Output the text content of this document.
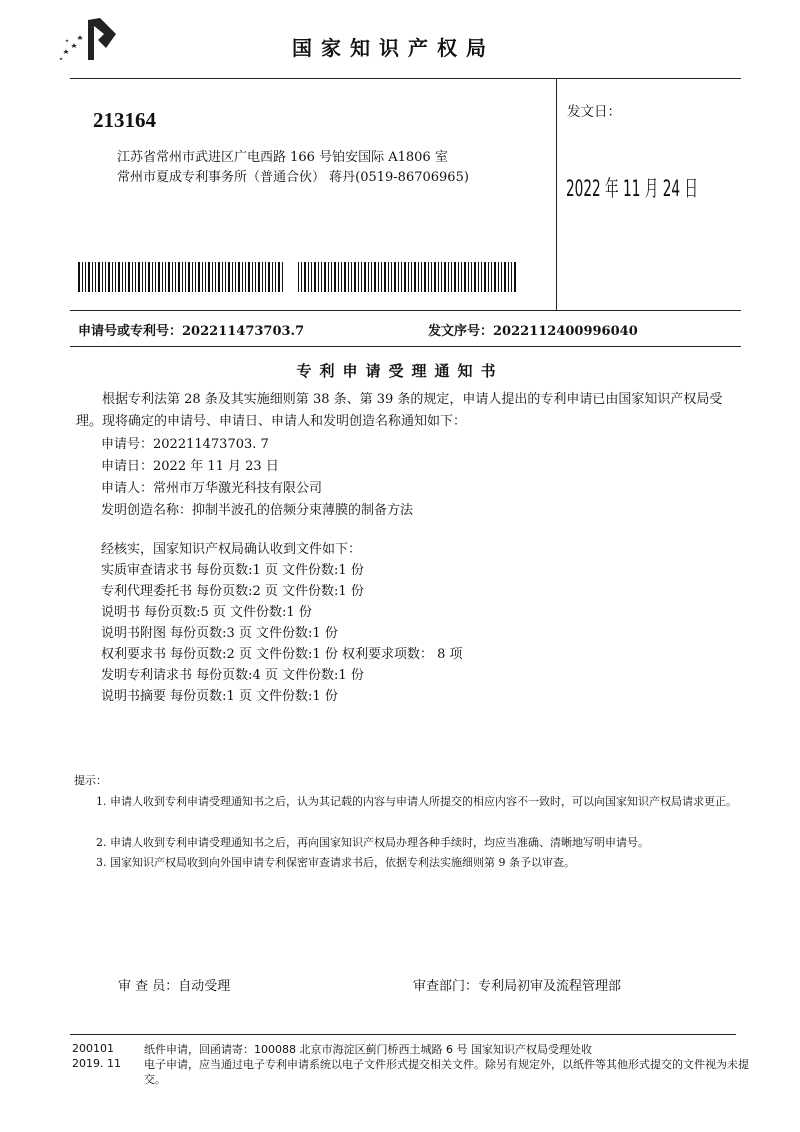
国家知识产权局
213164
江苏省常州市武进区广电西路 166 号铂安国际 A1806 室
常州市夏成专利事务所（普通合伙） 蒋丹(0519-86706965)
发文日：
2022 年 11 月 24 日
申请号或专利号：202211473703.7	发文序号：2022112400996040
专利申请受理通知书
根据专利法第 28 条及其实施细则第 38 条、第 39 条的规定，申请人提出的专利申请已由国家知识产权局受理。现将确定的申请号、申请日、申请人和发明创造名称通知如下：
申请号：202211473703. 7
申请日：2022 年 11 月 23 日
申请人：常州市万华激光科技有限公司
发明创造名称：抑制半波孔的倍频分束薄膜的制备方法
经核实，国家知识产权局确认收到文件如下：
实质审查请求书 每份页数:1 页 文件份数:1 份
专利代理委托书 每份页数:2 页 文件份数:1 份
说明书 每份页数:5 页 文件份数:1 份
说明书附图 每份页数:3 页 文件份数:1 份
权利要求书 每份页数:2 页 文件份数:1 份 权利要求项数： 8 项
发明专利请求书 每份页数:4 页 文件份数:1 份
说明书摘要 每份页数:1 页 文件份数:1 份
提示：
1. 申请人收到专利申请受理通知书之后，认为其记载的内容与申请人所提交的相应内容不一致时，可以向国家知识产权局请求更正。
2. 申请人收到专利申请受理通知书之后，再向国家知识产权局办理各种手续时，均应当准确、清晰地写明申请号。
3. 国家知识产权局收到向外国申请专利保密审查请求书后，依据专利法实施细则第 9 条予以审查。
审 查 员：自动受理	审查部门：专利局初审及流程管理部
200101
2019. 11
纸件申请，回函请寄：100088 北京市海淀区蓟门桥西土城路 6 号 国家知识产权局受理处收
电子申请，应当通过电子专利申请系统以电子文件形式提交相关文件。除另有规定外，以纸件等其他形式提交的文件视为未提交。
